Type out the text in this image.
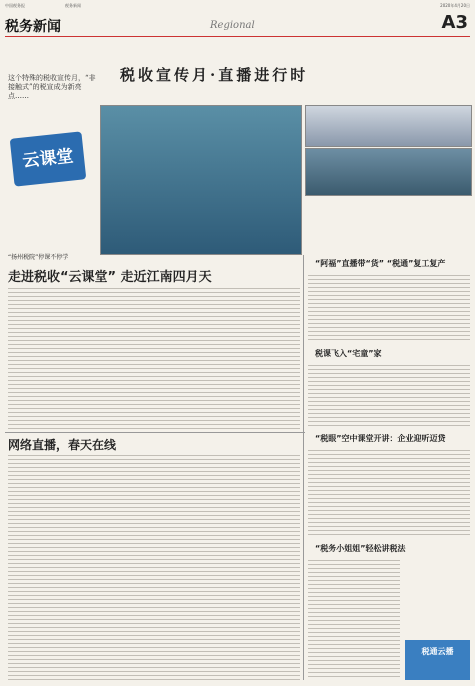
中国税务报	税务新闻	2020年4月20日
税务新闻	Regional	A3
税收宣传月·直播进行时
云课堂
这个特殊的税收宣传月，“非接触式”的税宣成为新亮点……
“扬州税院”停课不停学
走进税收“云课堂” 走近江南四月天
网络直播，春天在线
“阿福”直播带“货” “税通”复工复产
税课飞入“宅童”家
“税眼”空中课堂开讲：企业迎听迈贷
“税务小姐姐”轻松讲税法
税通云播
